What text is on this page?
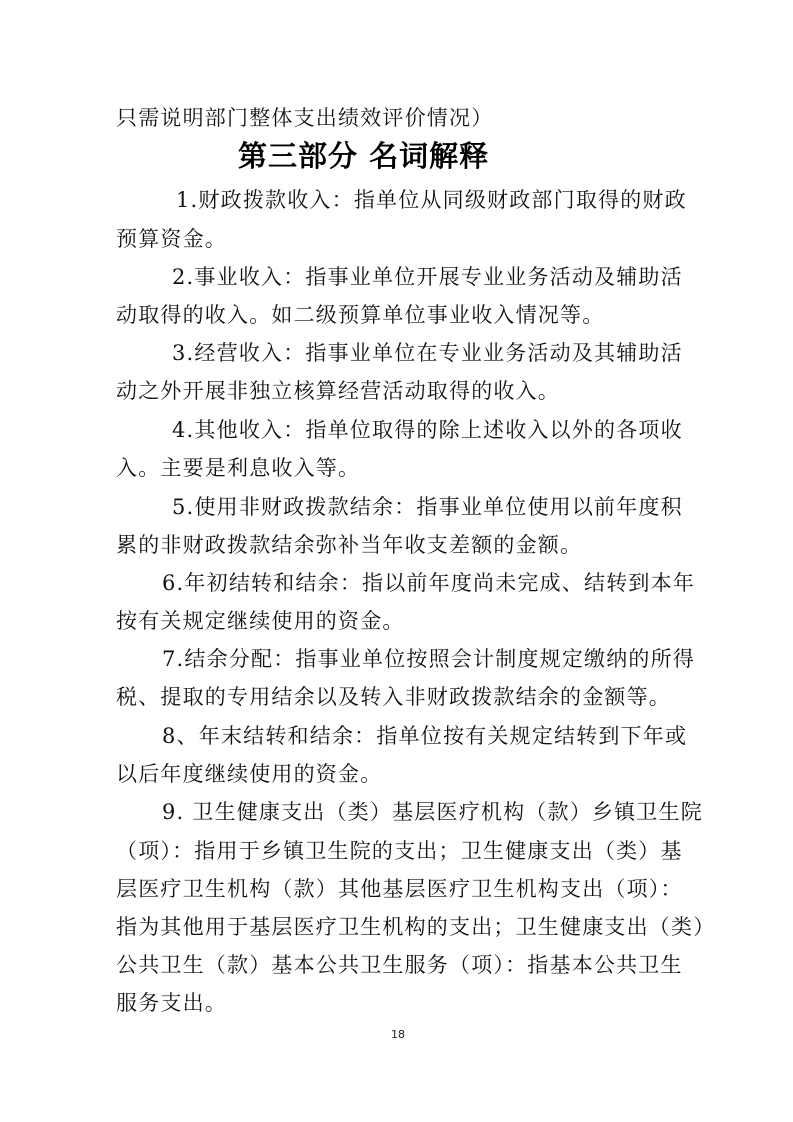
只需说明部门整体支出绩效评价情况）
第三部分 名词解释
1.财政拨款收入：指单位从同级财政部门取得的财政
预算资金。
2.事业收入：指事业单位开展专业业务活动及辅助活
动取得的收入。如二级预算单位事业收入情况等。
3.经营收入：指事业单位在专业业务活动及其辅助活
动之外开展非独立核算经营活动取得的收入。
4.其他收入：指单位取得的除上述收入以外的各项收
入。主要是利息收入等。
5.使用非财政拨款结余：指事业单位使用以前年度积
累的非财政拨款结余弥补当年收支差额的金额。
6.年初结转和结余：指以前年度尚未完成、结转到本年
按有关规定继续使用的资金。
7.结余分配：指事业单位按照会计制度规定缴纳的所得
税、提取的专用结余以及转入非财政拨款结余的金额等。
8、年末结转和结余：指单位按有关规定结转到下年或
以后年度继续使用的资金。
9. 卫生健康支出（类）基层医疗机构（款）乡镇卫生院
（项）：指用于乡镇卫生院的支出；卫生健康支出（类）基
层医疗卫生机构（款）其他基层医疗卫生机构支出（项）：
指为其他用于基层医疗卫生机构的支出；卫生健康支出（类）
公共卫生（款）基本公共卫生服务（项）：指基本公共卫生
服务支出。
18
